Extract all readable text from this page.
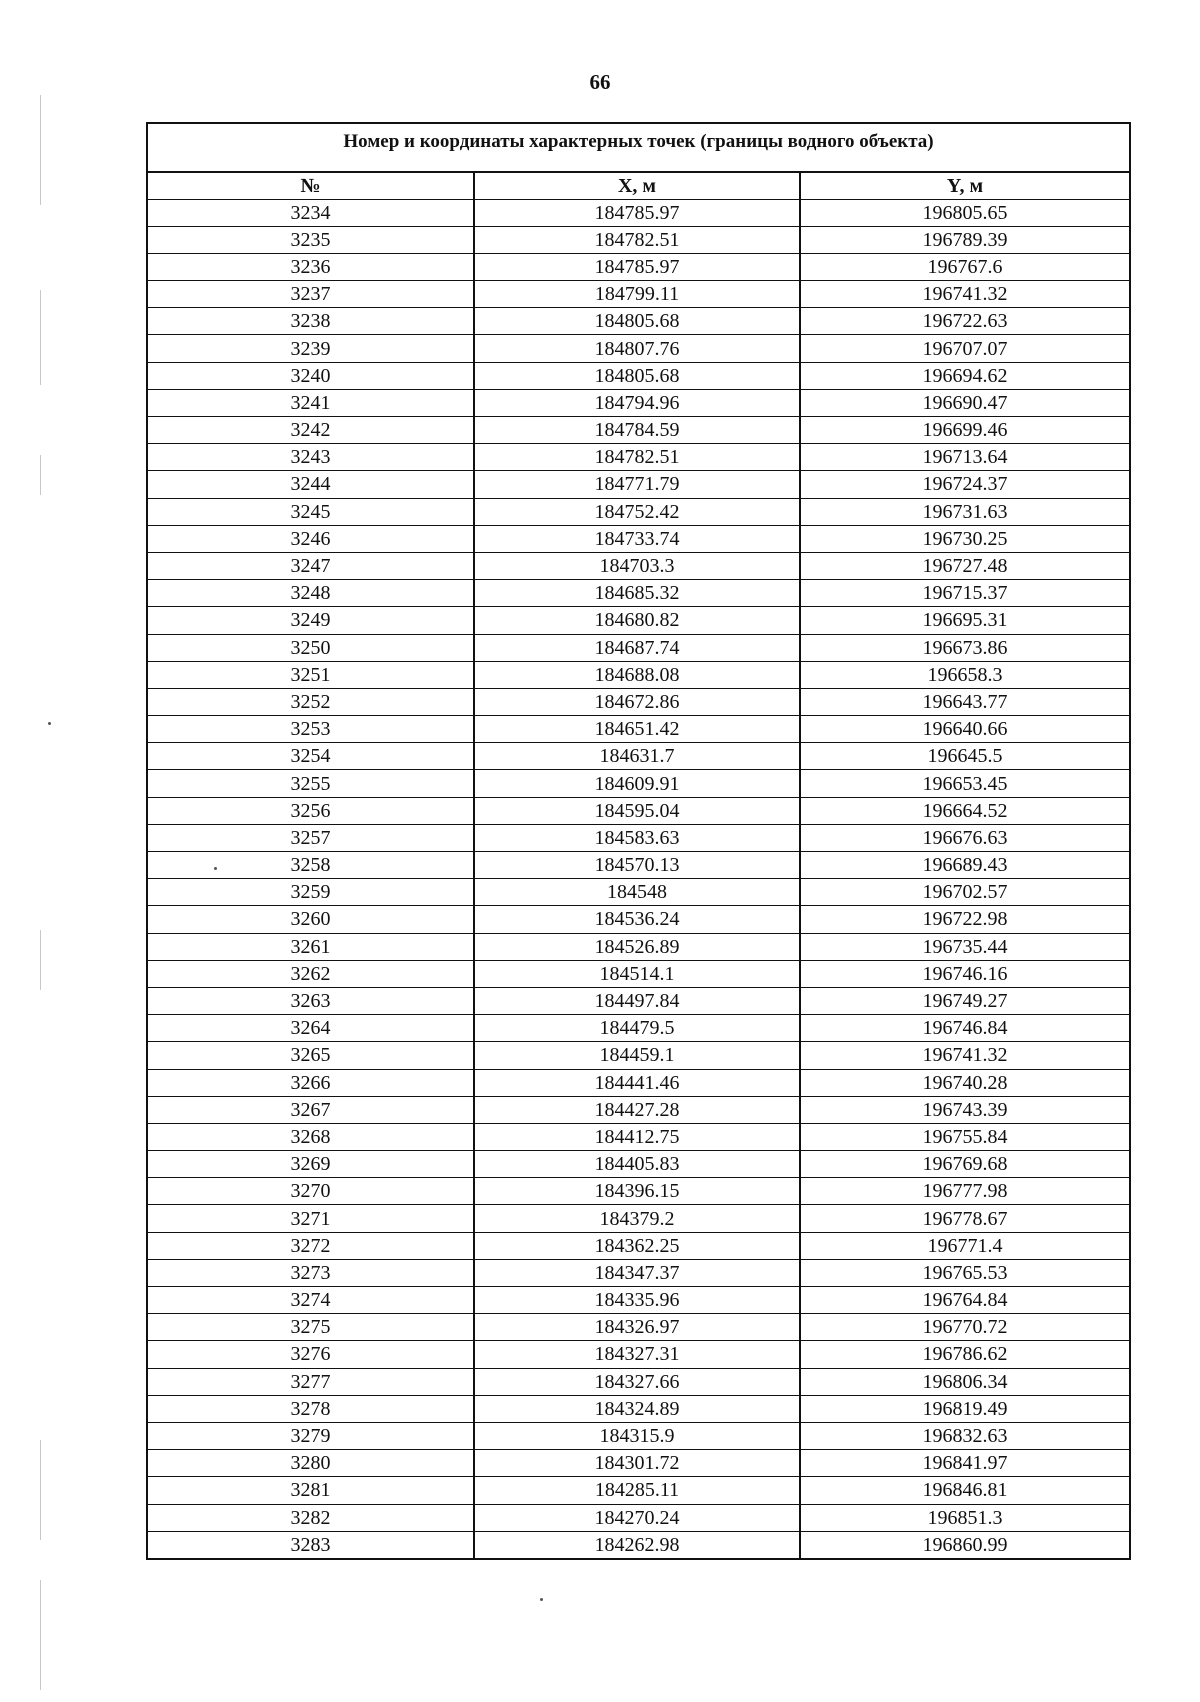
66
Номер и координаты характерных точек (границы водного объекта)
№	X, м	Y, м
3234	184785.97	196805.65
3235	184782.51	196789.39
3236	184785.97	196767.6
3237	184799.11	196741.32
3238	184805.68	196722.63
3239	184807.76	196707.07
3240	184805.68	196694.62
3241	184794.96	196690.47
3242	184784.59	196699.46
3243	184782.51	196713.64
3244	184771.79	196724.37
3245	184752.42	196731.63
3246	184733.74	196730.25
3247	184703.3	196727.48
3248	184685.32	196715.37
3249	184680.82	196695.31
3250	184687.74	196673.86
3251	184688.08	196658.3
3252	184672.86	196643.77
3253	184651.42	196640.66
3254	184631.7	196645.5
3255	184609.91	196653.45
3256	184595.04	196664.52
3257	184583.63	196676.63
3258	184570.13	196689.43
3259	184548	196702.57
3260	184536.24	196722.98
3261	184526.89	196735.44
3262	184514.1	196746.16
3263	184497.84	196749.27
3264	184479.5	196746.84
3265	184459.1	196741.32
3266	184441.46	196740.28
3267	184427.28	196743.39
3268	184412.75	196755.84
3269	184405.83	196769.68
3270	184396.15	196777.98
3271	184379.2	196778.67
3272	184362.25	196771.4
3273	184347.37	196765.53
3274	184335.96	196764.84
3275	184326.97	196770.72
3276	184327.31	196786.62
3277	184327.66	196806.34
3278	184324.89	196819.49
3279	184315.9	196832.63
3280	184301.72	196841.97
3281	184285.11	196846.81
3282	184270.24	196851.3
3283	184262.98	196860.99
